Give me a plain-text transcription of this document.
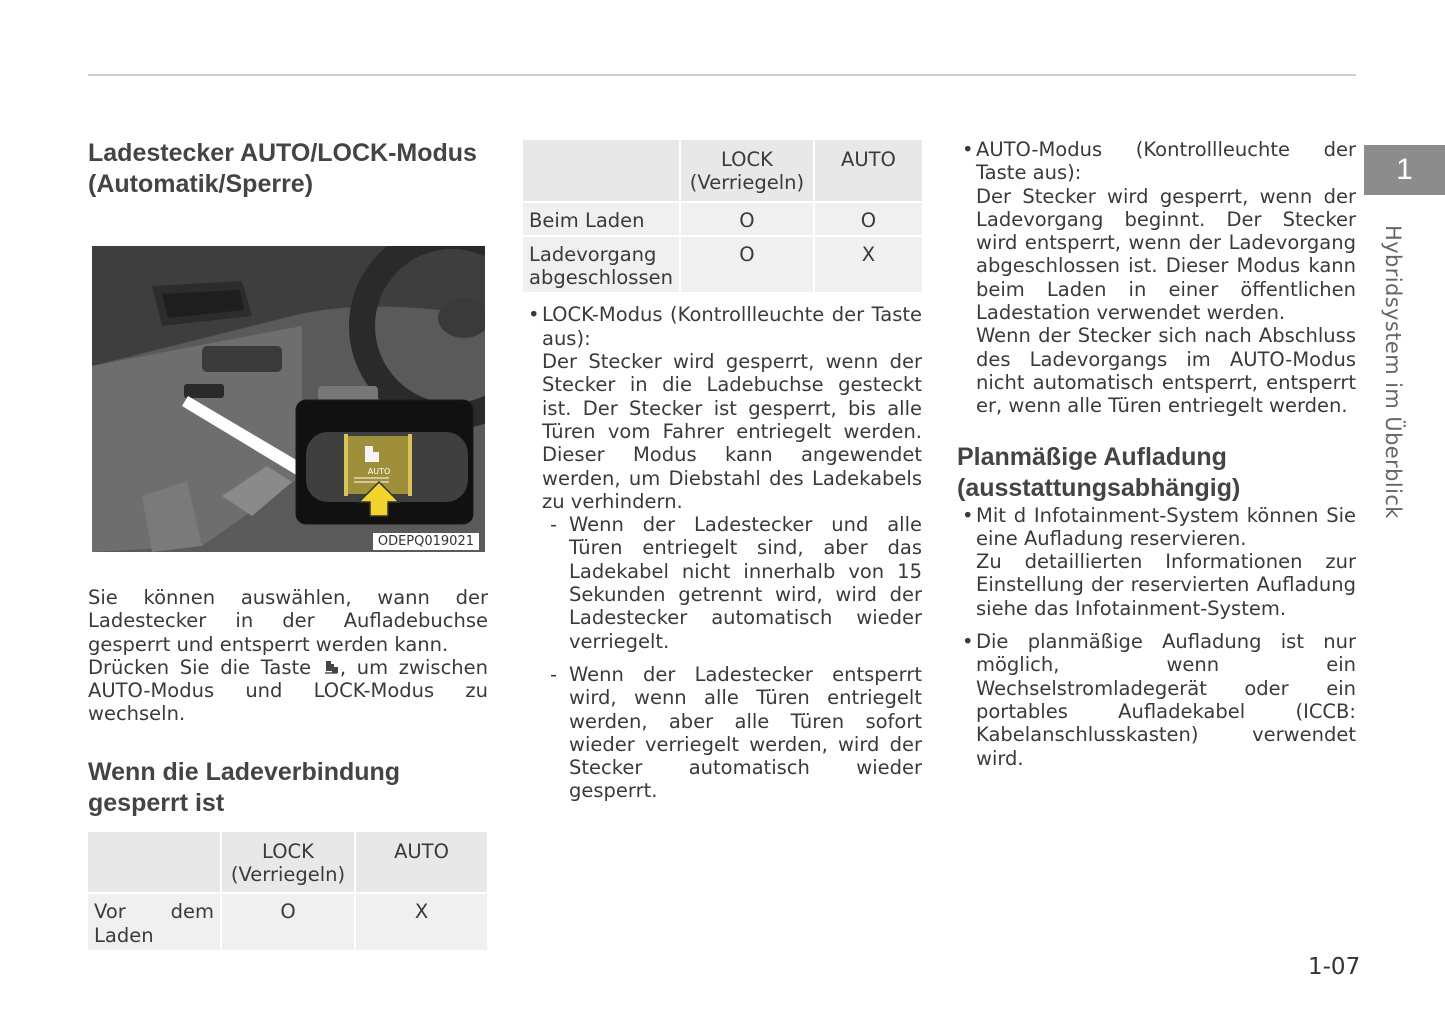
Ladestecker AUTO/LOCK-Modus (Automatik/Sperre)
AUTO
ODEPQ019021

Sie können auswählen, wann der Ladestecker in der Aufladebuchse gesperrt und entsperrt werden kann.

Drücken Sie die Taste , um zwischen AUTO-Modus und LOCK-Modus zu wechseln.

Wenn die Ladeverbindung gesperrt ist
	LOCK (Verriegeln)	AUTO
Vor dem Laden	O	X
	LOCK (Verriegeln)	AUTO
Beim Laden	O	O
Ladevorgang abgeschlossen	O	X
• LOCK-Modus (Kontrollleuchte der Taste aus):

Der Stecker wird gesperrt, wenn der Stecker in die Ladebuchse gesteckt ist. Der Stecker ist gesperrt, bis alle Türen vom Fahrer entriegelt werden. Dieser Modus kann angewendet werden, um Diebstahl des Ladekabels zu verhindern.

- Wenn der Ladestecker und alle Türen entriegelt sind, aber das Ladekabel nicht innerhalb von 15 Sekunden getrennt wird, wird der Ladestecker automatisch wieder verriegelt.

- Wenn der Ladestecker entsperrt wird, wenn alle Türen entriegelt werden, aber alle Türen sofort wieder verriegelt werden, wird der Stecker automatisch wieder gesperrt.

• AUTO-Modus (Kontrollleuchte der Taste aus):

Der Stecker wird gesperrt, wenn der Ladevorgang beginnt. Der Stecker wird entsperrt, wenn der Ladevorgang abgeschlossen ist. Dieser Modus kann beim Laden in einer öffentlichen Ladestation verwendet werden.

Wenn der Stecker sich nach Abschluss des Ladevorgangs im AUTO-Modus nicht automatisch entsperrt, entsperrt er, wenn alle Türen entriegelt werden.

Planmäßige Aufladung (ausstattungsabhängig)
• Mit d Infotainment-System können Sie eine Aufladung reservieren.

Zu detaillierten Informationen zur Einstellung der reservierten Aufladung siehe das Infotainment-System.

• Die planmäßige Aufladung ist nur möglich, wenn ein Wechselstromladegerät oder ein portables Aufladekabel (ICCB: Kabelanschlusskasten) verwendet wird.

1
Hybridsystem im Überblick
1-07
